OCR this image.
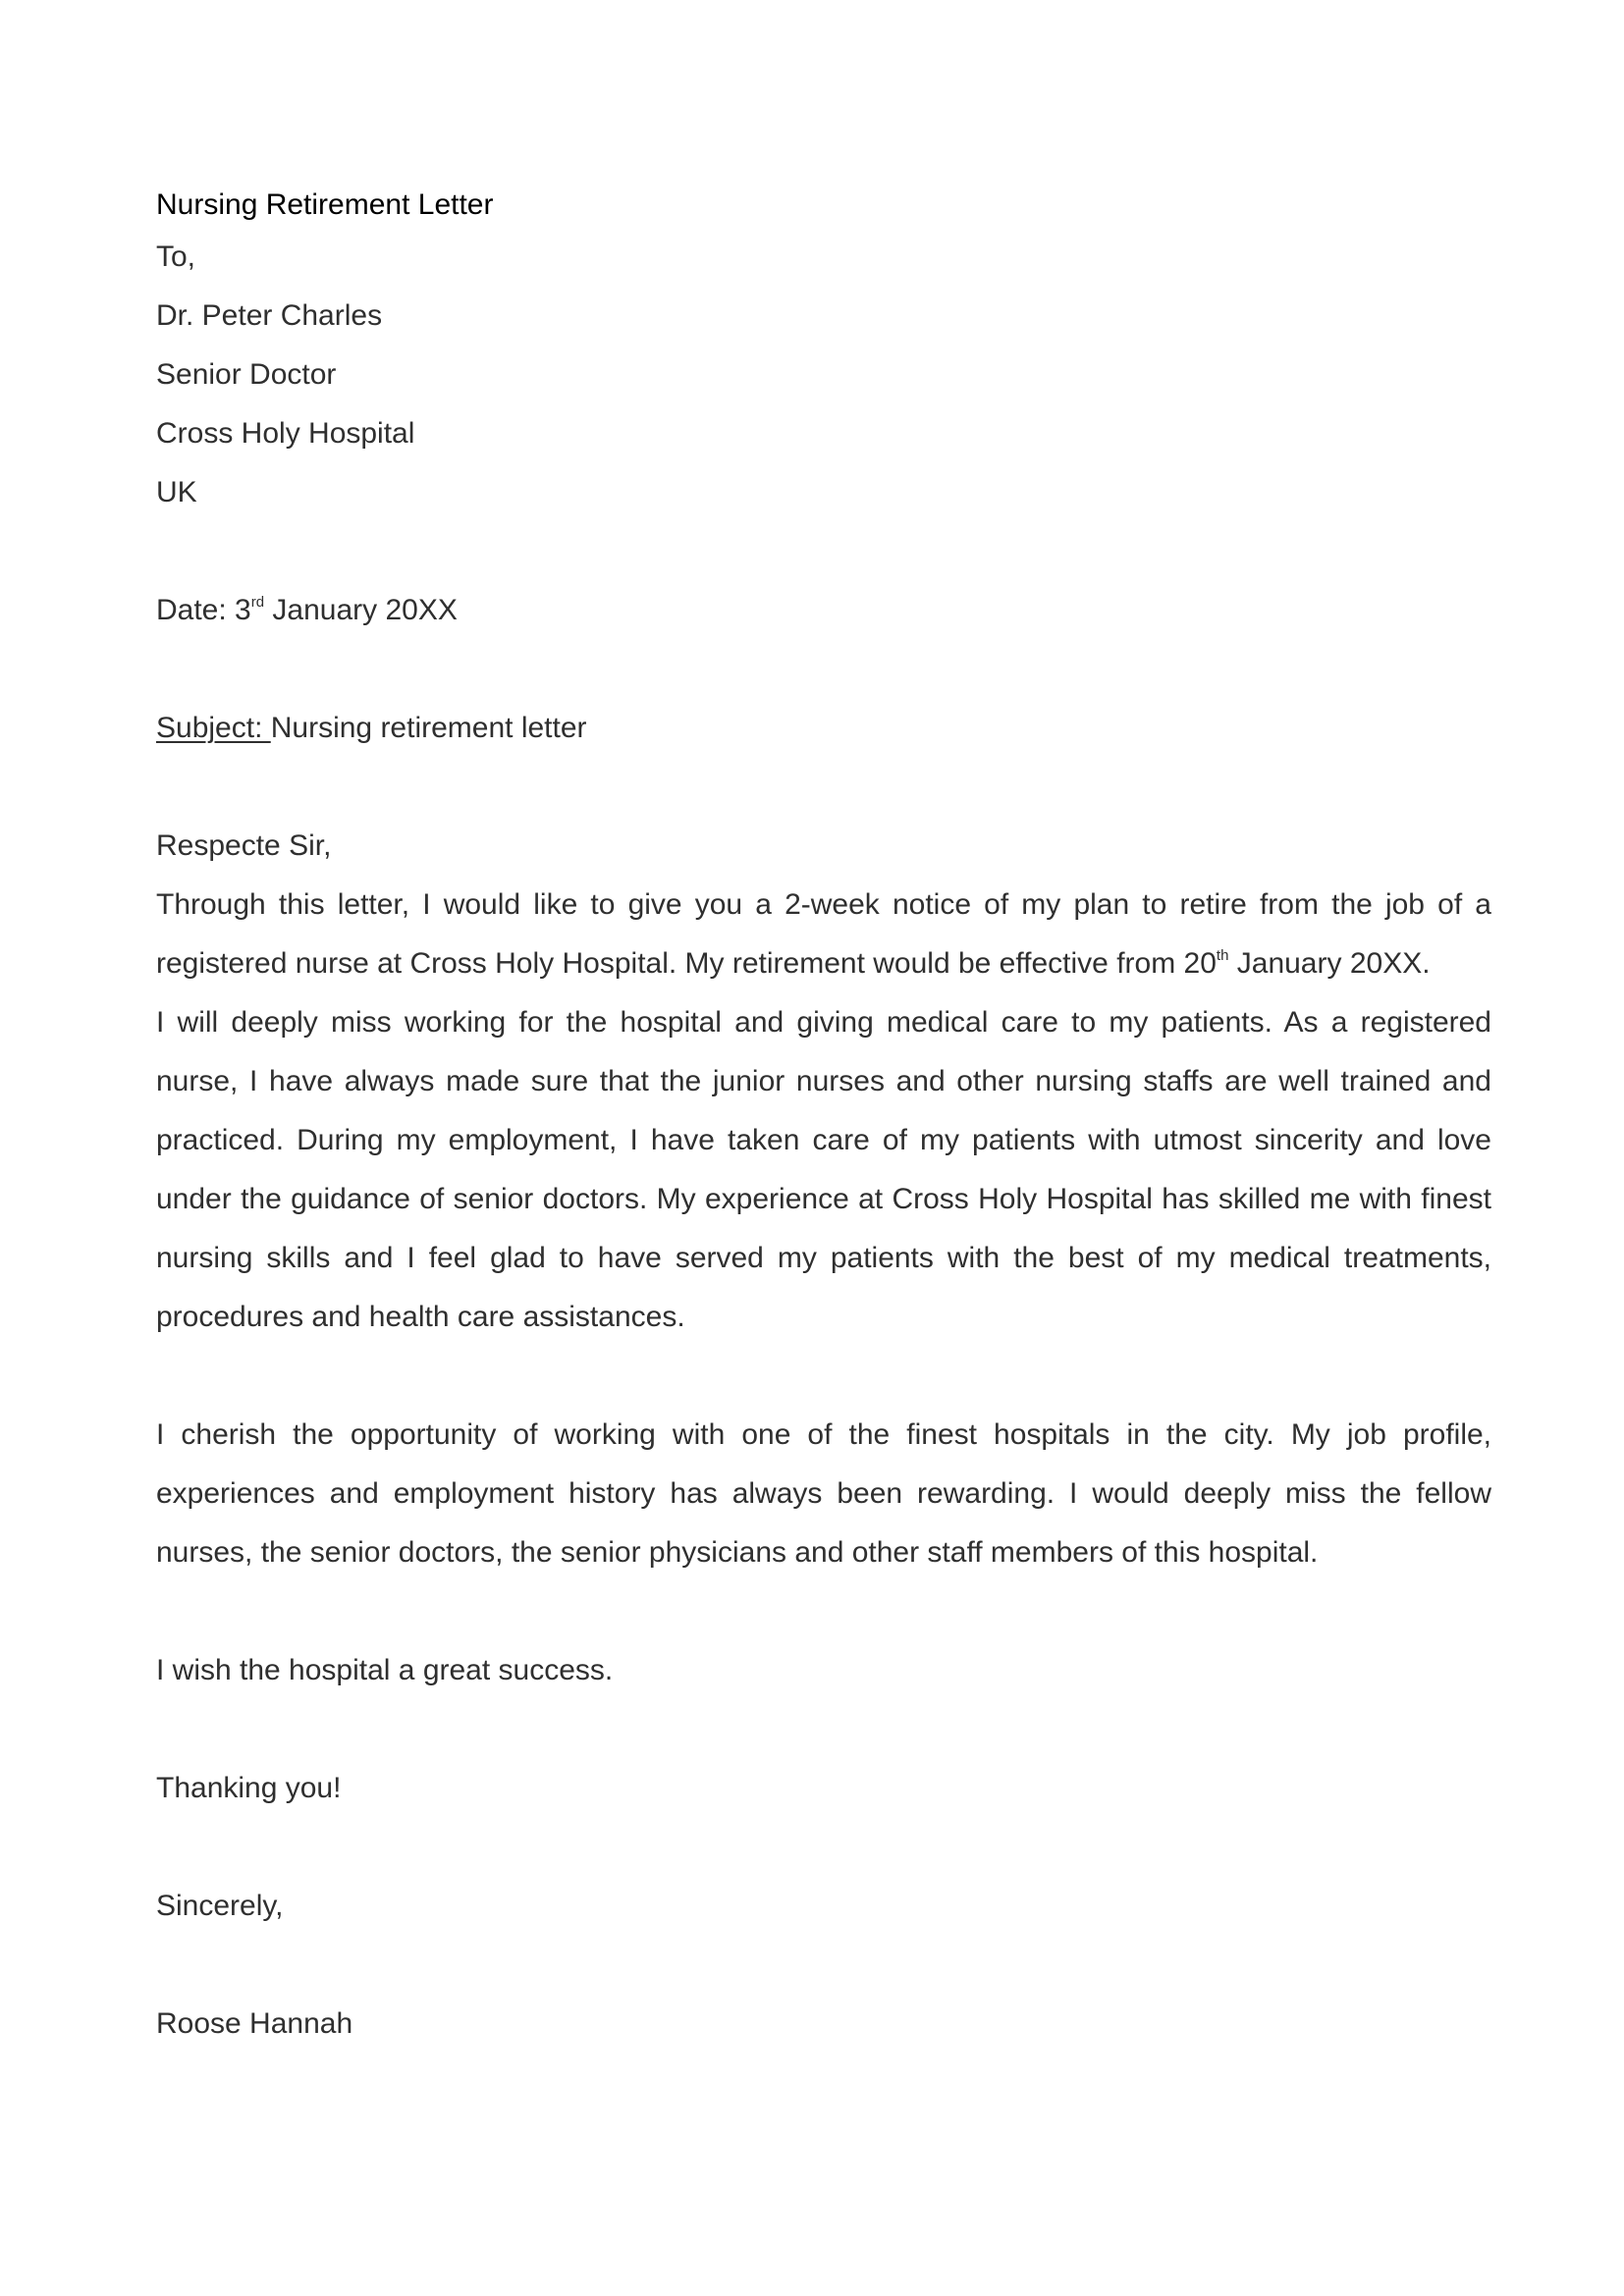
Nursing Retirement Letter
To,
Dr. Peter Charles
Senior Doctor
Cross Holy Hospital
UK
Date: 3rd January 20XX
Subject: Nursing retirement letter
Respecte Sir,
Through this letter, I would like to give you a 2-week notice of my plan to retire from the job of a registered nurse at Cross Holy Hospital. My retirement would be effective from 20th January 20XX.
I will deeply miss working for the hospital and giving medical care to my patients. As a registered nurse, I have always made sure that the junior nurses and other nursing staffs are well trained and practiced. During my employment, I have taken care of my patients with utmost sincerity and love under the guidance of senior doctors. My experience at Cross Holy Hospital has skilled me with finest nursing skills and I feel glad to have served my patients with the best of my medical treatments, procedures and health care assistances.
I cherish the opportunity of working with one of the finest hospitals in the city. My job profile, experiences and employment history has always been rewarding. I would deeply miss the fellow nurses, the senior doctors, the senior physicians and other staff members of this hospital.
I wish the hospital a great success.
Thanking you!
Sincerely,
Roose Hannah
